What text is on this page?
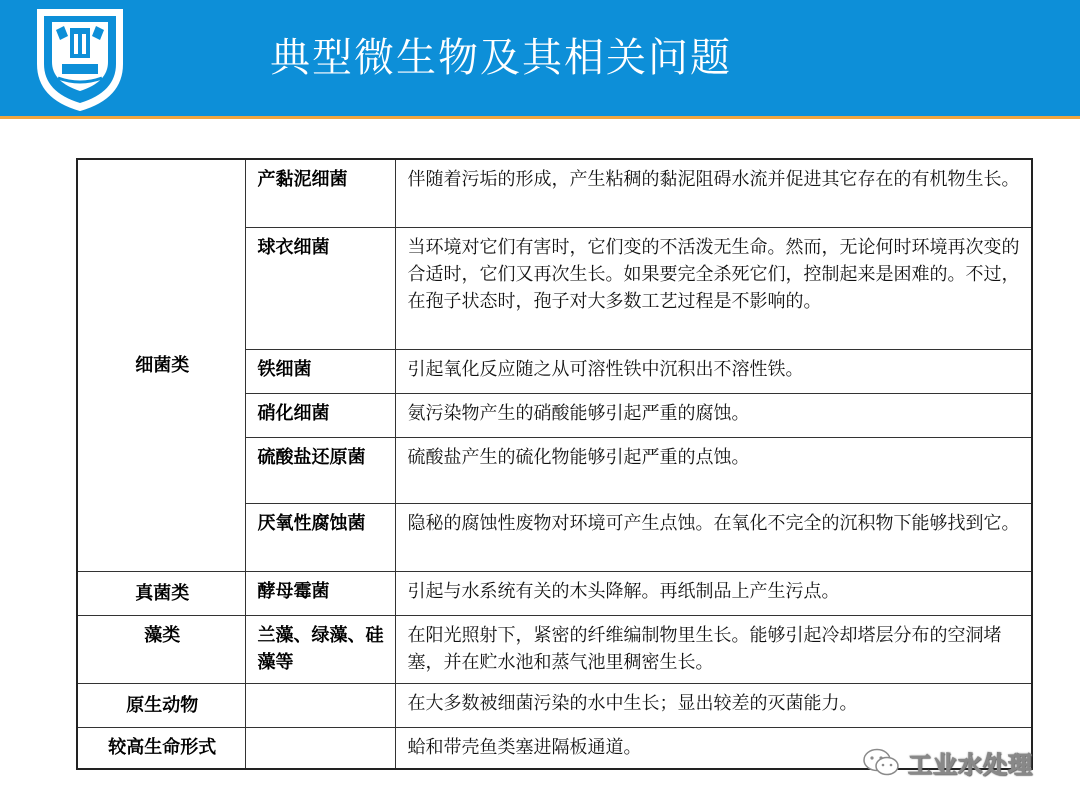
典型微生物及其相关问题
细菌类	产黏泥细菌	伴随着污垢的形成，产生粘稠的黏泥阻碍水流并促进其它存在的有机物生长。
	球衣细菌	当环境对它们有害时，它们变的不活泼无生命。然而，无论何时环境再次变的合适时，它们又再次生长。如果要完全杀死它们，控制起来是困难的。不过，在孢子状态时，孢子对大多数工艺过程是不影响的。
	铁细菌	引起氧化反应随之从可溶性铁中沉积出不溶性铁。
	硝化细菌	氨污染物产生的硝酸能够引起严重的腐蚀。
	硫酸盐还原菌	硫酸盐产生的硫化物能够引起严重的点蚀。
	厌氧性腐蚀菌	隐秘的腐蚀性废物对环境可产生点蚀。在氧化不完全的沉积物下能够找到它。
真菌类	酵母霉菌	引起与水系统有关的木头降解。再纸制品上产生污点。
藻类	兰藻、绿藻、硅藻等	在阳光照射下，紧密的纤维编制物里生长。能够引起冷却塔层分布的空洞堵塞，并在贮水池和蒸气池里稠密生长。
原生动物		在大多数被细菌污染的水中生长；显出较差的灭菌能力。
较高生命形式		蛤和带壳鱼类塞进隔板通道。
工业水处理
